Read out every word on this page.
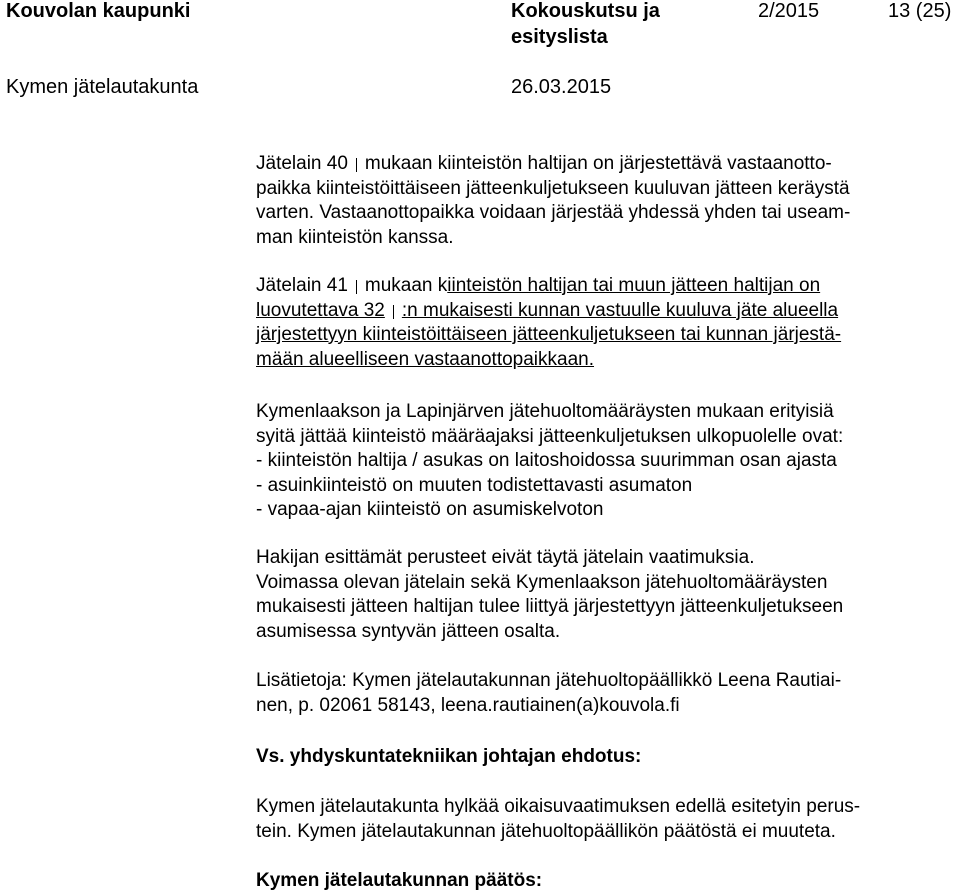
Kouvolan kaupunki	Kokouskutsu ja
esityslista
2/2015	13 (25)
Kymen jätelautakunta	26.03.2015
Jätelain 40 mukaan kiinteistön haltijan on järjestettävä vastaanotto-
paikka kiinteistöittäiseen jätteenkuljetukseen kuuluvan jätteen keräystä
varten. Vastaanottopaikka voidaan järjestää yhdessä yhden tai useam-
man kiinteistön kanssa.
Jätelain 41 mukaan kiinteistön haltijan tai muun jätteen haltijan on
luovutettava 32 :n mukaisesti kunnan vastuulle kuuluva jäte alueella
järjestettyyn kiinteistöittäiseen jätteenkuljetukseen tai kunnan järjestä-
mään alueelliseen vastaanottopaikkaan.
Kymenlaakson ja Lapinjärven jätehuoltomääräysten mukaan erityisiä
syitä jättää kiinteistö määräajaksi jätteenkuljetuksen ulkopuolelle ovat:
- kiinteistön haltija / asukas on laitoshoidossa suurimman osan ajasta
- asuinkiinteistö on muuten todistettavasti asumaton
- vapaa-ajan kiinteistö on asumiskelvoton
Hakijan esittämät perusteet eivät täytä jätelain vaatimuksia.
Voimassa olevan jätelain sekä Kymenlaakson jätehuoltomääräysten
mukaisesti jätteen haltijan tulee liittyä järjestettyyn jätteenkuljetukseen
asumisessa syntyvän jätteen osalta.
Lisätietoja: Kymen jätelautakunnan jätehuoltopäällikkö Leena Rautiai-
nen, p. 02061 58143, leena.rautiainen(a)kouvola.fi
Vs. yhdyskuntatekniikan johtajan ehdotus:
Kymen jätelautakunta hylkää oikaisuvaatimuksen edellä esitetyin perus-
tein. Kymen jätelautakunnan jätehuoltopäällikön päätöstä ei muuteta.
Kymen jätelautakunnan päätös:
